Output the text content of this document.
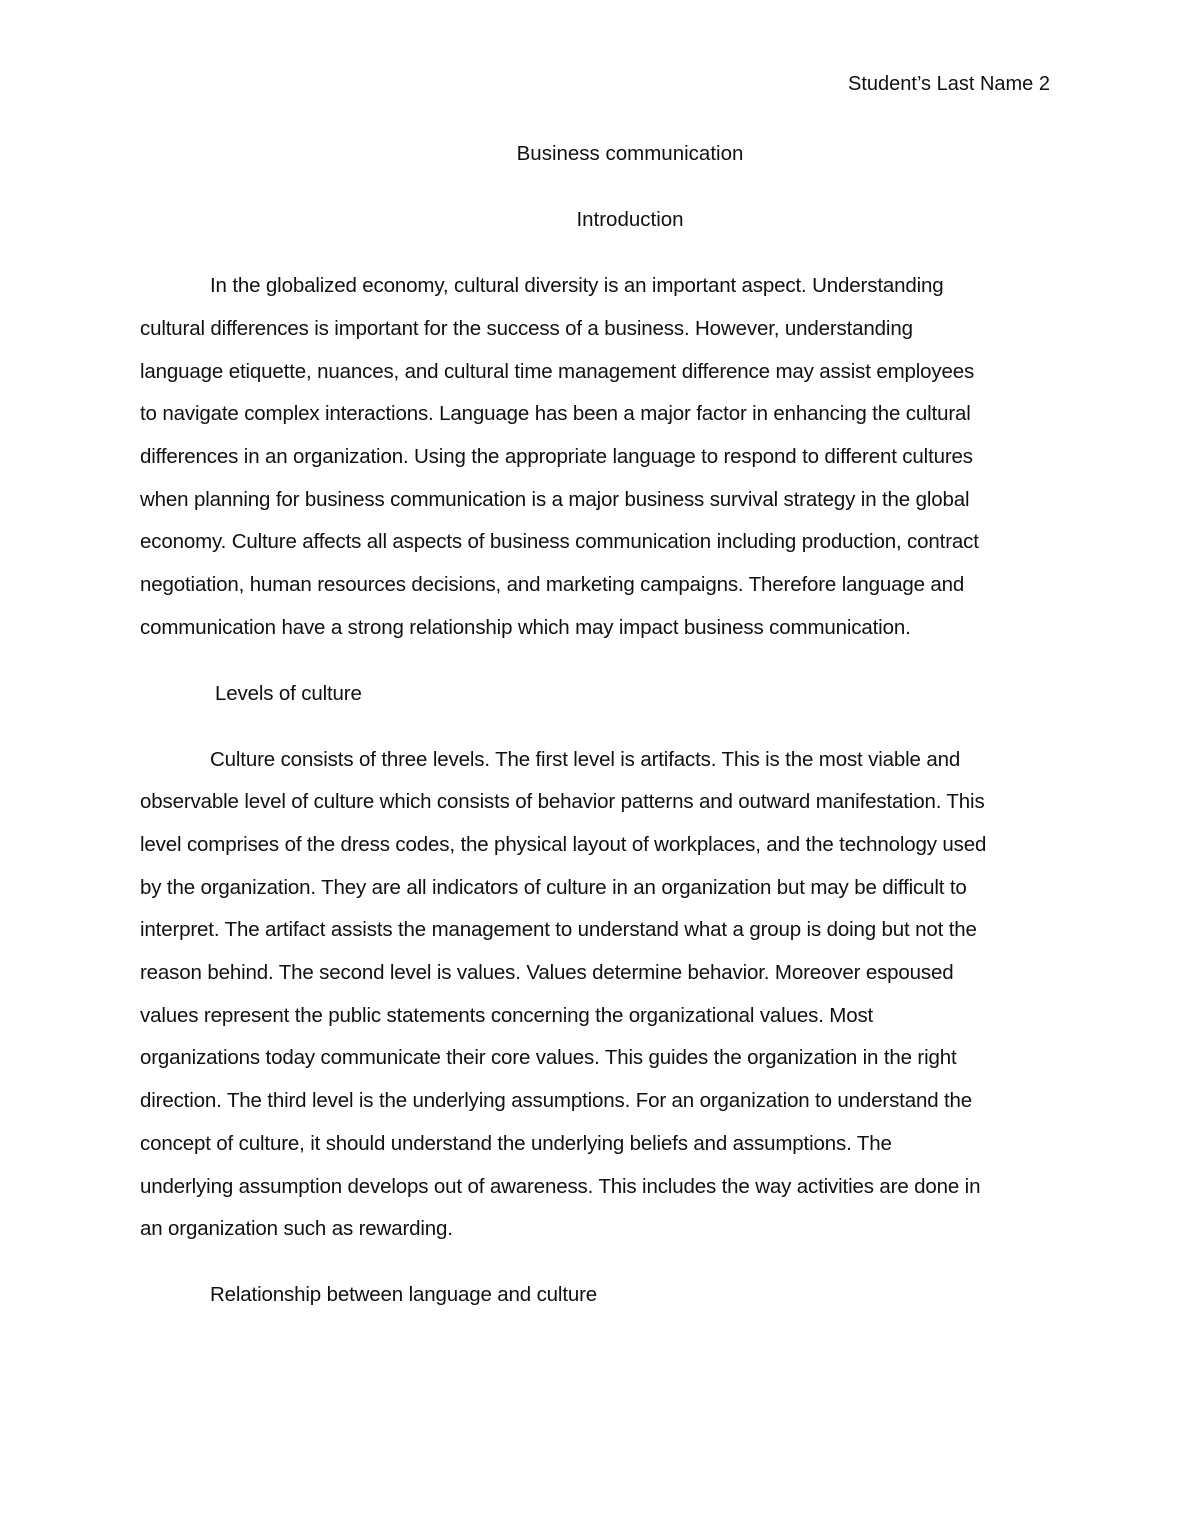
Student’s Last Name 2
Business communication
Introduction
In the globalized economy, cultural diversity is an important aspect. Understanding
cultural differences is important for the success of a business. However, understanding
language etiquette, nuances, and cultural time management difference may assist employees
to navigate complex interactions. Language has been a major factor in enhancing the cultural
differences in an organization. Using the appropriate language to respond to different cultures
when planning for business communication is a major business survival strategy in the global
economy. Culture affects all aspects of business communication including production, contract
negotiation, human resources decisions, and marketing campaigns. Therefore language and
communication have a strong relationship which may impact business communication.
Levels of culture
Culture consists of three levels. The first level is artifacts. This is the most viable and
observable level of culture which consists of behavior patterns and outward manifestation. This
level comprises of the dress codes, the physical layout of workplaces, and the technology used
by the organization. They are all indicators of culture in an organization but may be difficult to
interpret. The artifact assists the management to understand what a group is doing but not the
reason behind. The second level is values. Values determine behavior. Moreover espoused
values represent the public statements concerning the organizational values. Most
organizations today communicate their core values. This guides the organization in the right
direction. The third level is the underlying assumptions. For an organization to understand the
concept of culture, it should understand the underlying beliefs and assumptions. The
underlying assumption develops out of awareness. This includes the way activities are done in
an organization such as rewarding.
Relationship between language and culture
